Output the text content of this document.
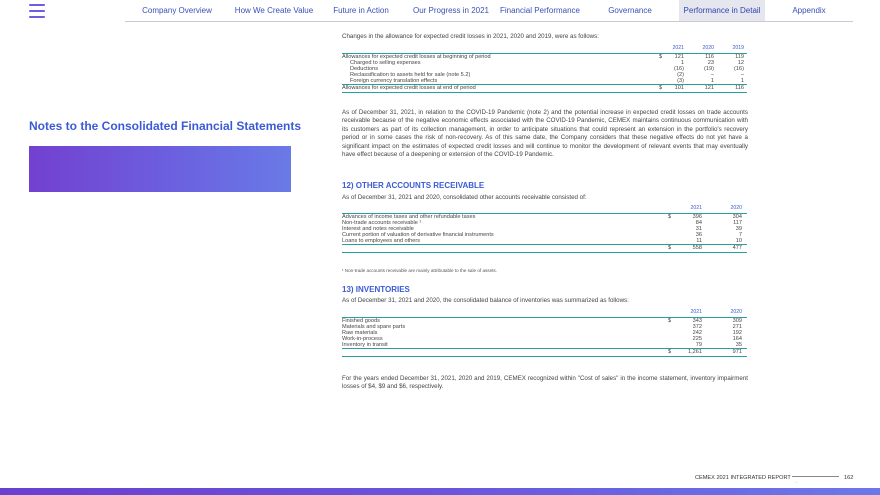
Company Overview	How We Create Value	Future in Action	Our Progress in 2021	Financial Performance	Governance	Performance in Detail	Appendix
Notes to the Consolidated Financial Statements
Changes in the allowance for expected credit losses in 2021, 2020 and 2019, were as follows:
2021	2020	2019
Allowances for expected credit losses at beginning of period	$	121	116	119
Charged to selling expenses	1	23	12
Deductions	(16)	(19)	(16)
Reclassification to assets held for sale (note 5.2)	(2)	–	–
Foreign currency translation effects	(3)	1	1
Allowances for expected credit losses at end of period	$	101	121	116
As of December 31, 2021, in relation to the COVID-19 Pandemic (note 2) and the potential increase in expected credit losses on trade accounts receivable because of the negative economic effects associated with the COVID-19 Pandemic, CEMEX maintains continuous communication with its customers as part of its collection management, in order to anticipate situations that could represent an extension in the portfolio's recovery period or in some cases the risk of non-recovery. As of this same date, the Company considers that these negative effects do not yet have a significant impact on the estimates of expected credit losses and will continue to monitor the development of relevant events that may eventually have effect because of a deepening or extension of the COVID-19 Pandemic.
12) OTHER ACCOUNTS RECEIVABLE
As of December 31, 2021 and 2020, consolidated other accounts receivable consisted of:
2021	2020
Advances of income taxes and other refundable taxes	$	396	304
Non-trade accounts receivable ¹	84	117
Interest and notes receivable	31	39
Current portion of valuation of derivative financial instruments	36	7
Loans to employees and others	11	10
$	558	477
¹ Non-trade accounts receivable are mainly attributable to the sale of assets.
13) INVENTORIES
As of December 31, 2021 and 2020, the consolidated balance of inventories was summarized as follows:
2021	2020
Finished goods	$	343	309
Materials and spare parts	372	271
Raw materials	242	192
Work-in-process	225	164
Inventory in transit	79	35
$	1,261	971
For the years ended December 31, 2021, 2020 and 2019, CEMEX recognized within "Cost of sales" in the income statement, inventory impairment losses of $4, $9 and $6, respectively.
CEMEX 2021 INTEGRATED REPORT
...
162
